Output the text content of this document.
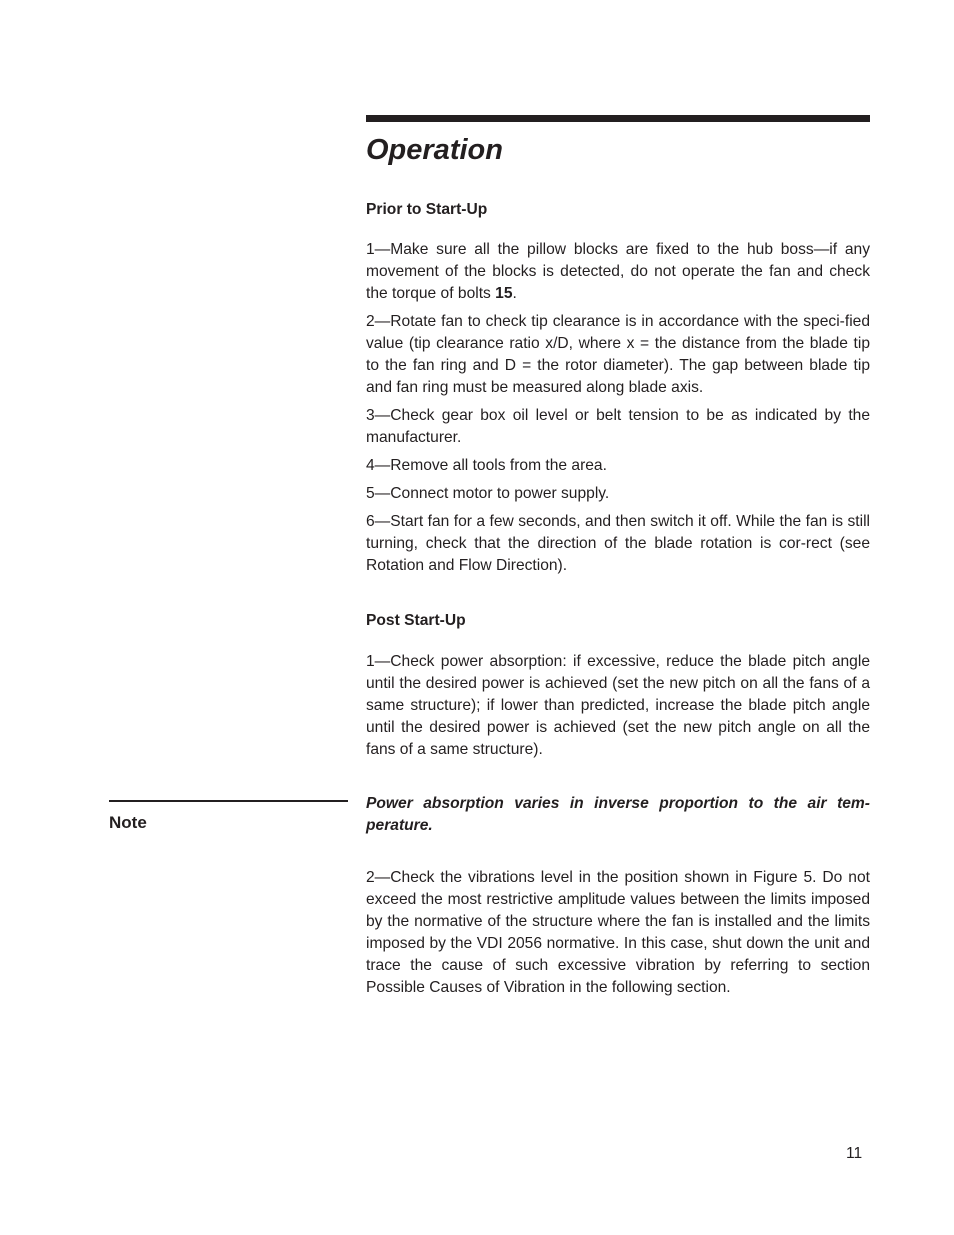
Operation
Prior to Start-Up

1—Make sure all the pillow blocks are fixed to the hub boss—if any movement of the blocks is detected, do not operate the fan and check the torque of bolts 15.

2—Rotate fan to check tip clearance is in accordance with the speci-fied value (tip clearance ratio x/D, where x = the distance from the blade tip to the fan ring and D = the rotor diameter). The gap between blade tip and fan ring must be measured along blade axis.

3—Check gear box oil level or belt tension to be as indicated by the manufacturer.

4—Remove all tools from the area.

5—Connect motor to power supply.

6—Start fan for a few seconds, and then switch it off. While the fan is still turning, check that the direction of the blade rotation is cor-rect (see Rotation and Flow Direction).

Post Start-Up

1—Check power absorption: if excessive, reduce the blade pitch angle until the desired power is achieved (set the new pitch on all the fans of a same structure); if lower than predicted, increase the blade pitch angle until the desired power is achieved (set the new pitch angle on all the fans of a same structure).

Note

Power absorption varies in inverse proportion to the air tem-perature.

2—Check the vibrations level in the position shown in Figure 5. Do not exceed the most restrictive amplitude values between the limits imposed by the normative of the structure where the fan is installed and the limits imposed by the VDI 2056 normative. In this case, shut down the unit and trace the cause of such excessive vibration by referring to section Possible Causes of Vibration in the following section.

11
